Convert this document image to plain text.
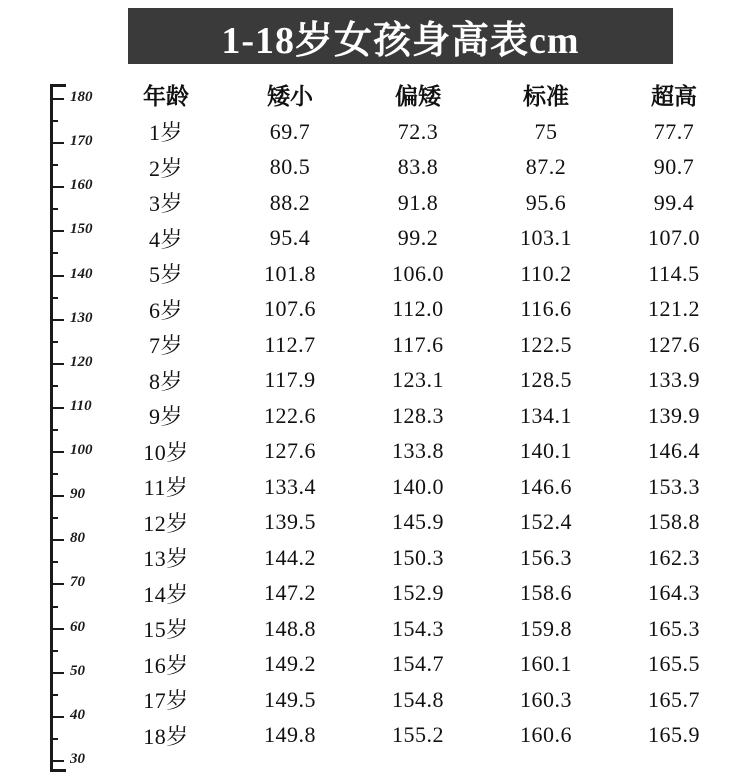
1-18岁女孩身高表cm
180
170
160
150
140
130
120
110
100
90
80
70
60
50
40
30
年龄	矮小	偏矮	标准	超高
1岁	69.7	72.3	75	77.7
2岁	80.5	83.8	87.2	90.7
3岁	88.2	91.8	95.6	99.4
4岁	95.4	99.2	103.1	107.0
5岁	101.8	106.0	110.2	114.5
6岁	107.6	112.0	116.6	121.2
7岁	112.7	117.6	122.5	127.6
8岁	117.9	123.1	128.5	133.9
9岁	122.6	128.3	134.1	139.9
10岁	127.6	133.8	140.1	146.4
11岁	133.4	140.0	146.6	153.3
12岁	139.5	145.9	152.4	158.8
13岁	144.2	150.3	156.3	162.3
14岁	147.2	152.9	158.6	164.3
15岁	148.8	154.3	159.8	165.3
16岁	149.2	154.7	160.1	165.5
17岁	149.5	154.8	160.3	165.7
18岁	149.8	155.2	160.6	165.9
